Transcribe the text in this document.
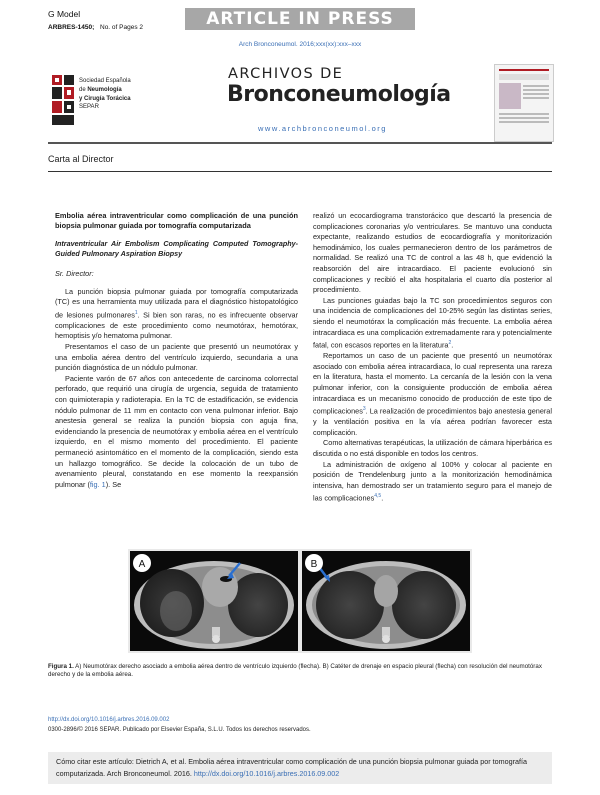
G Model
ARBRES-1450; No. of Pages 2	ARTICLE IN PRESS
Arch Bronconeumol. 2016;xxx(xx):xxx–xxx
Sociedad Española
de Neumología
y Cirugía Torácica
SEPAR
ARCHIVOS DE
Bronconeumología
www.archbronconeumol.org
Carta al Director

Embolia aérea intraventricular como complicación de una punción biopsia pulmonar guiada por tomografía computarizada

Intraventricular Air Embolism Complicating Computed Tomography-Guided Pulmonary Aspiration Biopsy

Sr. Director:

La punción biopsia pulmonar guiada por tomografía computarizada (TC) es una herramienta muy utilizada para el diagnóstico histopatológico de lesiones pulmonares$^1$. Si bien son raras, no es infrecuente observar complicaciones de este procedimiento como neumotórax, hemotórax, hemoptisis y/o hematoma pulmonar.

Presentamos el caso de un paciente que presentó un neumotórax y una embolia aérea dentro del ventrículo izquierdo, secundaria a una punción diagnóstica de un nódulo pulmonar.

Paciente varón de 67 años con antecedente de carcinoma colorrectal perforado, que requirió una cirugía de urgencia, seguida de tratamiento con quimioterapia y radioterapia. En la TC de estadificación, se evidencia nódulo pulmonar de 11 mm en contacto con vena pulmonar inferior. Bajo anestesia general se realiza la punción biopsia con aguja fina, evidenciando la presencia de neumotórax y embolia aérea en el ventrículo izquierdo, en el mismo momento del procedimiento. El paciente permaneció asintomático en el momento de la complicación, siendo esta un hallazgo tomográfico. Se decide la colocación de un tubo de avenamiento pleural, constatando en ese momento la reexpansión pulmonar (fig. 1). Se

realizó un ecocardiograma transtorácico que descartó la presencia de complicaciones coronarias y/o ventriculares. Se mantuvo una conducta expectante, realizando estudios de ecocardiografía y monitorización hemodinámico, los cuales permanecieron dentro de los parámetros de normalidad. Se realizó una TC de control a las 48 h, que evidenció la reabsorción del aire intracardiaco. El paciente evolucionó sin complicaciones y recibió el alta hospitalaria el cuarto día posterior al procedimiento.

Las punciones guiadas bajo la TC son procedimientos seguros con una incidencia de complicaciones del 10-25% según las distintas series, siendo el neumotórax la complicación más frecuente. La embolia aérea intracardiaca es una complicación extremadamente rara y potencialmente fatal, con escasos reportes en la literatura$^2$.

Reportamos un caso de un paciente que presentó un neumotórax asociado con embolia aérea intracardiaca, lo cual representa una rareza en la literatura, hasta el momento. La cercanía de la lesión con la vena pulmonar inferior, con la consiguiente producción de embolia aérea intracardiaca es un mecanismo conocido de producción de este tipo de complicaciones$^3$. La realización de procedimientos bajo anestesia general y la ventilación positiva en la vía aérea podrían favorecer esta complicación.

Como alternativas terapéuticas, la utilización de cámara hiperbárica es discutida o no está disponible en todos los centros.

La administración de oxígeno al 100% y colocar al paciente en posición de Trendelenburg junto a la monitorización hemodinámica intensiva, han demostrado ser un tratamiento seguro para el manejo de las complicaciones$^{4,5}$.

A	B
Figura 1. A) Neumotórax derecho asociado a embolia aérea dentro de ventrículo izquierdo (flecha). B) Catéter de drenaje en espacio pleural (flecha) con resolución del neumotórax derecho y de la embolia aérea.
http://dx.doi.org/10.1016/j.arbres.2016.09.002
0300-2896/© 2016 SEPAR. Publicado por Elsevier España, S.L.U. Todos los derechos reservados.
Cómo citar este artículo: Dietrich A, et al. Embolia aérea intraventricular como complicación de una punción biopsia pulmonar guiada por tomografía computarizada. Arch Bronconeumol. 2016. http://dx.doi.org/10.1016/j.arbres.2016.09.002
